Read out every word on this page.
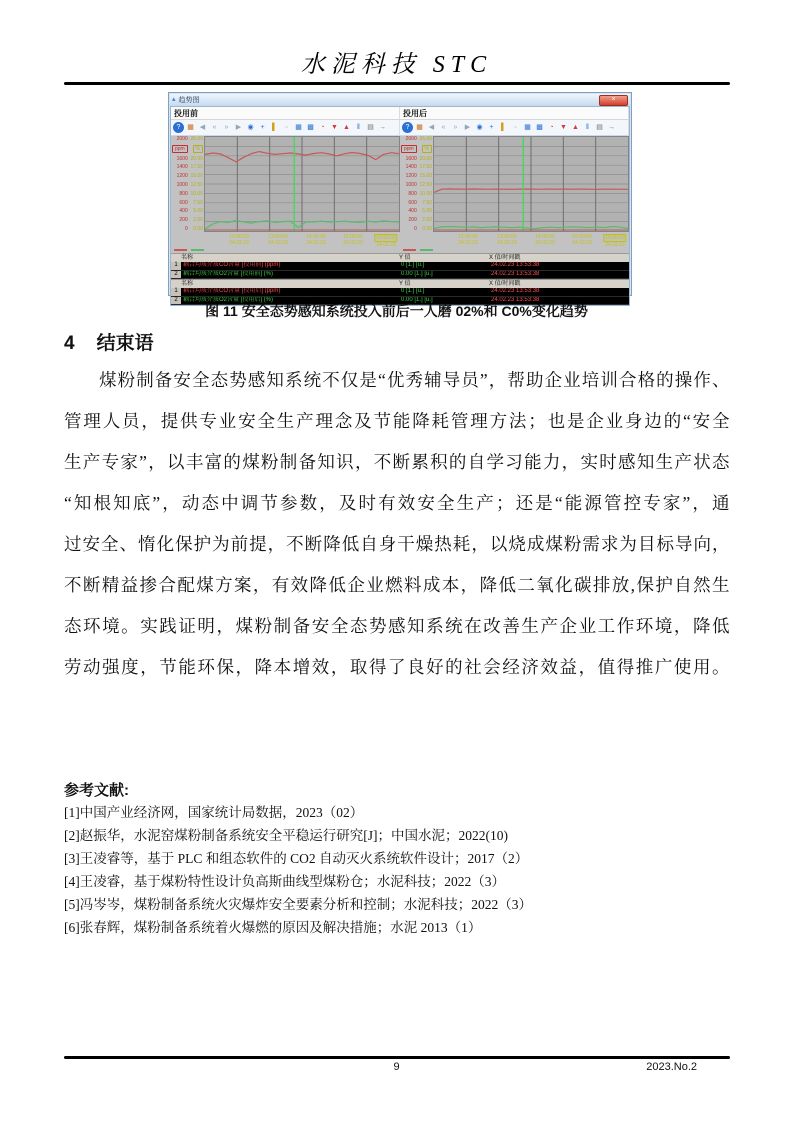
水泥科技 STC
▴ 趋势图	×
投用前	投用后
? ▦ ◀	«	»	▶ ◉ +	▌	▫	▦ ▩ ◔ ▼ ▲	‖	▤ →	? ▦ ◀	«	»	▶ ◉ +	▌	▫	▦ ▩ ◔ ▼ ▲	‖	▤ →
2000
ppm
1600
1400
1200
1000
800
600
400
200
0
25.00
%
20.00
17.50
15.00
12.50
10.00
7.50
5.00
2.50
0.00
12:00:00
24.02.23
13:00:00
24.02.23
14:00:00
24.02.23
15:00:00
24.02.23
16:00:00
24.02.23
2000
ppm
1600
1400
1200
1000
800
600
400
200
0
25.00
%
20.00
17.50
15.00
12.50
10.00
7.50
5.00
2.50
0.00
12:00:00
24.02.23
13:00:00
24.02.23
14:00:00
24.02.23
15:00:00
24.02.23
16:00:00
24.02.23
名称	Y 值	X 值/时间戳
1 耦合均质介质CO含量 [投用前] (ppm)	0 [1.] [u.]	24.02.23 13:53:38
2 耦合均质介质O2含量 [投用前] (%)	0.00 [1.] [u.]	24.02.23 13:53:38
名称	Y 值	X 值/时间戳
1 耦合均质介质CO含量 [投用后] (ppm)	0 [1.] [u.]	24.02.23 13:53:38
2 耦合均质介质O2含量 [投用后] (%)	0.00 [1.] [u.]	24.02.23 13:53:38
图 11 安全态势感知系统投入前后一人磨 02%和 C0%变化趋势
4 结束语
煤粉制备安全态势感知系统不仅是“优秀辅导员”，帮助企业培训合格的操作、
管理人员，提供专业安全生产理念及节能降耗管理方法；也是企业身边的“安全
生产专家”，以丰富的煤粉制备知识，不断累积的自学习能力，实时感知生产状态
“知根知底”，动态中调节参数，及时有效安全生产；还是“能源管控专家”，通
过安全、惰化保护为前提，不断降低自身干燥热耗，以烧成煤粉需求为目标导向，
不断精益掺合配煤方案，有效降低企业燃料成本，降低二氧化碳排放,保护自然生
态环境。实践证明，煤粉制备安全态势感知系统在改善生产企业工作环境，降低
劳动强度，节能环保，降本增效，取得了良好的社会经济效益，值得推广使用。
参考文献:
[1]中国产业经济网，国家统计局数据，2023（02）
[2]赵振华，水泥窑煤粉制备系统安全平稳运行研究[J]；中国水泥；2022(10)
[3]王凌睿等，基于 PLC 和组态软件的 CO2 自动灭火系统软件设计；2017（2）
[4]王凌睿，基于煤粉特性设计负高斯曲线型煤粉仓；水泥科技；2022（3）
[5]冯岑岑，煤粉制备系统火灾爆炸安全要素分析和控制；水泥科技；2022（3）
[6]张春辉，煤粉制备系统着火爆燃的原因及解决措施；水泥 2013（1）
9	2023.No.2
